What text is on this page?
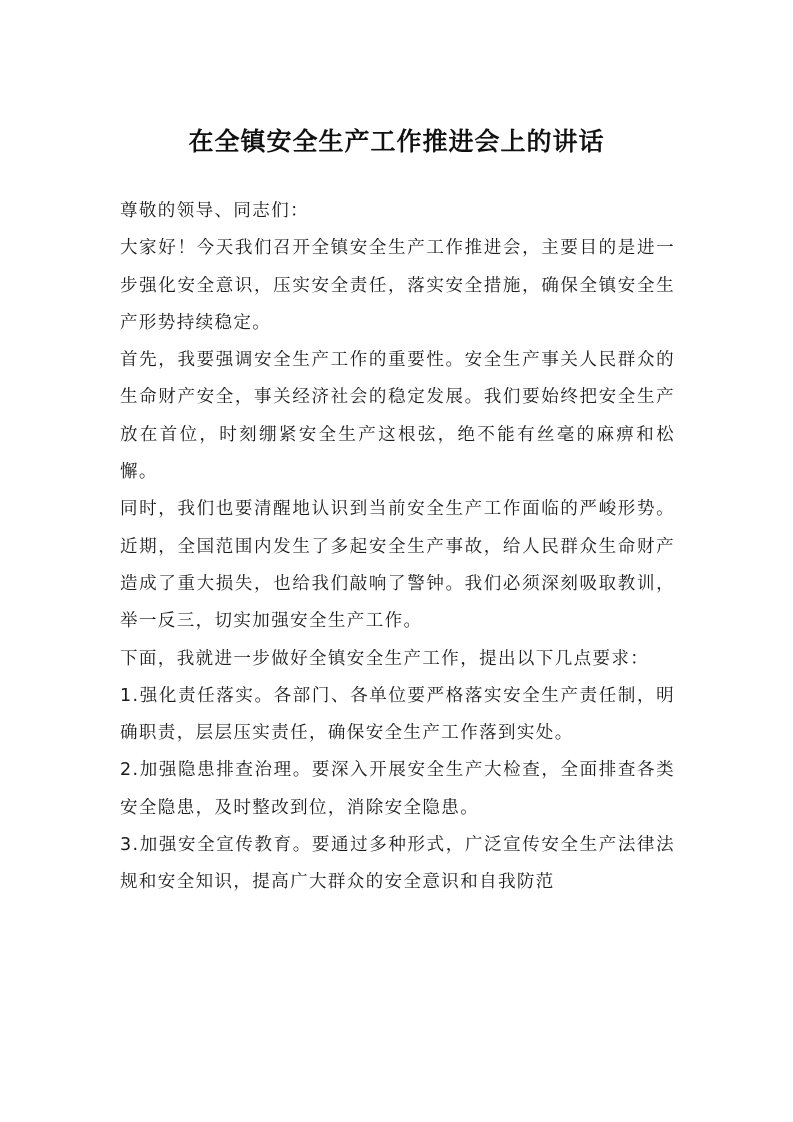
在全镇安全生产工作推进会上的讲话

尊敬的领导、同志们：

大家好！今天我们召开全镇安全生产工作推进会，主要目的是进一步强化安全意识，压实安全责任，落实安全措施，确保全镇安全生产形势持续稳定。

首先，我要强调安全生产工作的重要性。安全生产事关人民群众的生命财产安全，事关经济社会的稳定发展。我们要始终把安全生产放在首位，时刻绷紧安全生产这根弦，绝不能有丝毫的麻痹和松懈。

同时，我们也要清醒地认识到当前安全生产工作面临的严峻形势。近期，全国范围内发生了多起安全生产事故，给人民群众生命财产造成了重大损失，也给我们敲响了警钟。我们必须深刻吸取教训，举一反三，切实加强安全生产工作。

下面，我就进一步做好全镇安全生产工作，提出以下几点要求：

1.强化责任落实。各部门、各单位要严格落实安全生产责任制，明确职责，层层压实责任，确保安全生产工作落到实处。

2.加强隐患排查治理。要深入开展安全生产大检查，全面排查各类安全隐患，及时整改到位，消除安全隐患。

3.加强安全宣传教育。要通过多种形式，广泛宣传安全生产法律法规和安全知识，提高广大群众的安全意识和自我防范
